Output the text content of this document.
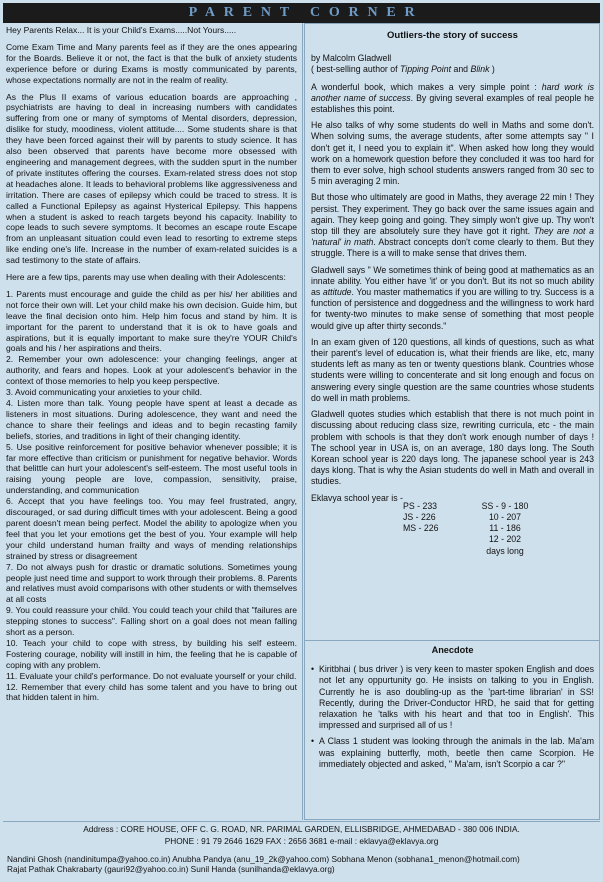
PARENT CORNER

Hey Parents Relax... It is your Child's Exams.....Not Yours.....

Come Exam Time and Many parents feel as if they are the ones appearing for the Boards. Believe it or not, the fact is that the bulk of anxiety students experience before or during Exams is mostly communicated by parents, whose expectations normally are not in the realm of reality.

As the Plus II exams of various education boards are approaching , psychiatrists are having to deal in increasing numbers with candidates suffering from one or many of symptoms of Mental disorders, depression, dislike for study, moodiness, violent attitude.... Some students share is that they have been forced against their will by parents to study science. It has also been observed that parents have become more obsessed with engineering and management degrees, with the sudden spurt in the number of private institutes offering the courses. Exam-related stress does not stop at headaches alone. It leads to behavioral problems like aggressiveness and irritation. There are cases of epilepsy which could be traced to stress. It is called a Functional Epilepsy as against Hysterical Epilepsy. This happens when a student is asked to reach targets beyond his capacity. Inability to cope leads to such severe symptoms. It becomes an escape route Escape from an unpleasant situation could even lead to resorting to extreme steps like ending one's life. Increase in the number of exam-related suicides is a sad testimony to the state of affairs.

Here are a few tips, parents may use when dealing with their Adolescents:

1. Parents must encourage and guide the child as per his/ her abilities and not force their own will. Let your child make his own decision. Guide him, but leave the final decision onto him. Help him focus and stand by him. It is important for the parent to understand that it is ok to have goals and aspirations, but it is equally important to make sure they're YOUR Child's goals and his / her aspirations and theirs.

2. Remember your own adolescence: your changing feelings, anger at authority, and fears and hopes. Look at your adolescent's behavior in the context of those memories to help you keep perspective.

3. Avoid communicating your anxieties to your child.

4. Listen more than talk. Young people have spent at least a decade as listeners in most situations. During adolescence, they want and need the chance to share their feelings and ideas and to begin recasting family beliefs, stories, and traditions in light of their changing identity.

5. Use positive reinforcement for positive behavior whenever possible; it is far more effective than criticism or punishment for negative behavior. Words that belittle can hurt your adolescent's self-esteem. The most useful tools in raising young people are love, compassion, sensitivity, praise, understanding, and communication

6. Accept that you have feelings too. You may feel frustrated, angry, discouraged, or sad during difficult times with your adolescent. Being a good parent doesn't mean being perfect. Model the ability to apologize when you feel that you let your emotions get the best of you. Your example will help your child understand human frailty and ways of mending relationships strained by stress or disagreement

7. Do not always push for drastic or dramatic solutions. Sometimes young people just need time and support to work through their problems. 8. Parents and relatives must avoid comparisons with other students or with themselves at all costs

9. You could reassure your child. You could teach your child that "failures are stepping stones to success". Falling short on a goal does not mean falling short as a person.

10. Teach your child to cope with stress, by building his self esteem. Fostering courage, nobility will instill in him, the feeling that he is capable of coping with any problem.

11. Evaluate your child's performance. Do not evaluate yourself or your child.

12. Remember that every child has some talent and you have to bring out that hidden talent in him.

Outliers-the story of success

by Malcolm Gladwell

( best-selling author of Tipping Point and Blink )

A wonderful book, which makes a very simple point : hard work is another name of success. By giving several examples of real people he establishes this point.

He also talks of why some students do well in Maths and some don't. When solving sums, the average students, after some attempts say " I don't get it, I need you to explain it". When asked how long they would work on a homework question before they concluded it was too hard for them to ever solve, high school students answers ranged from 30 sec to 5 min averaging 2 min.

But those who ultimately are good in Maths, they average 22 min ! They persist. They experiment. They go back over the same issues again and again. They keep going and going. They simply won't give up. Thy won't stop till they are absolutely sure they have got it right. They are not a 'natural' in math. Abstract concepts don't come clearly to them. But they struggle. There is a will to make sense that drives them.

Gladwell says " We sometimes think of being good at mathematics as an innate ability. You either have 'it' or you don't. But its not so much ability as attitude. You master mathematics if you are willing to try. Success is a function of persistence and doggedness and the willingness to work hard for twenty-two minutes to make sense of something that most people would give up after thirty seconds."

In an exam given of 120 questions, all kinds of questions, such as what their parent's level of education is, what their friends are like, etc, many students left as many as ten or twenty questions blank. Countries whose students were willing to concenterate and sit long enough and focus on answering every single question are the same countries whose students do well in math problems.

Gladwell quotes studies which establish that there is not much point in discussing about reducing class size, rewriting curricula, etc - the main problem with schools is that they don't work enough number of days ! The school year in USA is, on an average, 180 days long. The South Korean school year is 220 days long. The japanese school year is 243 days klong. That is why the Asian students do well in Math and overall in studies.

Eklavya school year is -
PS - 233
JS - 226
MS - 226
SS - 9 - 180
10 - 207
11 - 186
12 - 202
days long
Anecdote
• Kiritbhai ( bus driver ) is very keen to master spoken English and does not let any oppurtunity go. He insists on talking to you in English. Currently he is aso doubling-up as the 'part-time librarian' in SS! Recently, during the Driver-Conductor HRD, he said that for getting relaxation he 'talks with his heart and that too in English'. This impressed and surprised all of us !
• A Class 1 student was looking through the animals in the lab. Ma'am was explaining butterfly, moth, beetle then came Scorpion. He immediately objected and asked, " Ma'am, isn't Scorpio a car ?"
Address : CORE HOUSE, OFF C. G. ROAD, NR. PARIMAL GARDEN, ELLISBRIDGE, AHMEDABAD - 380 006 INDIA.
PHONE : 91 79 2646 1629 FAX : 2656 3681 e-mail : eklavya@eklavya.org
Nandini Ghosh (nandinitumpa@yahoo.co.in) Anubha Pandya (anu_19_2k@yahoo.com) Sobhana Menon (sobhana1_menon@hotmail.com)
Rajat Pathak Chakrabarty (gauri92@yahoo.co.in) Sunil Handa (sunilhanda@eklavya.org)
